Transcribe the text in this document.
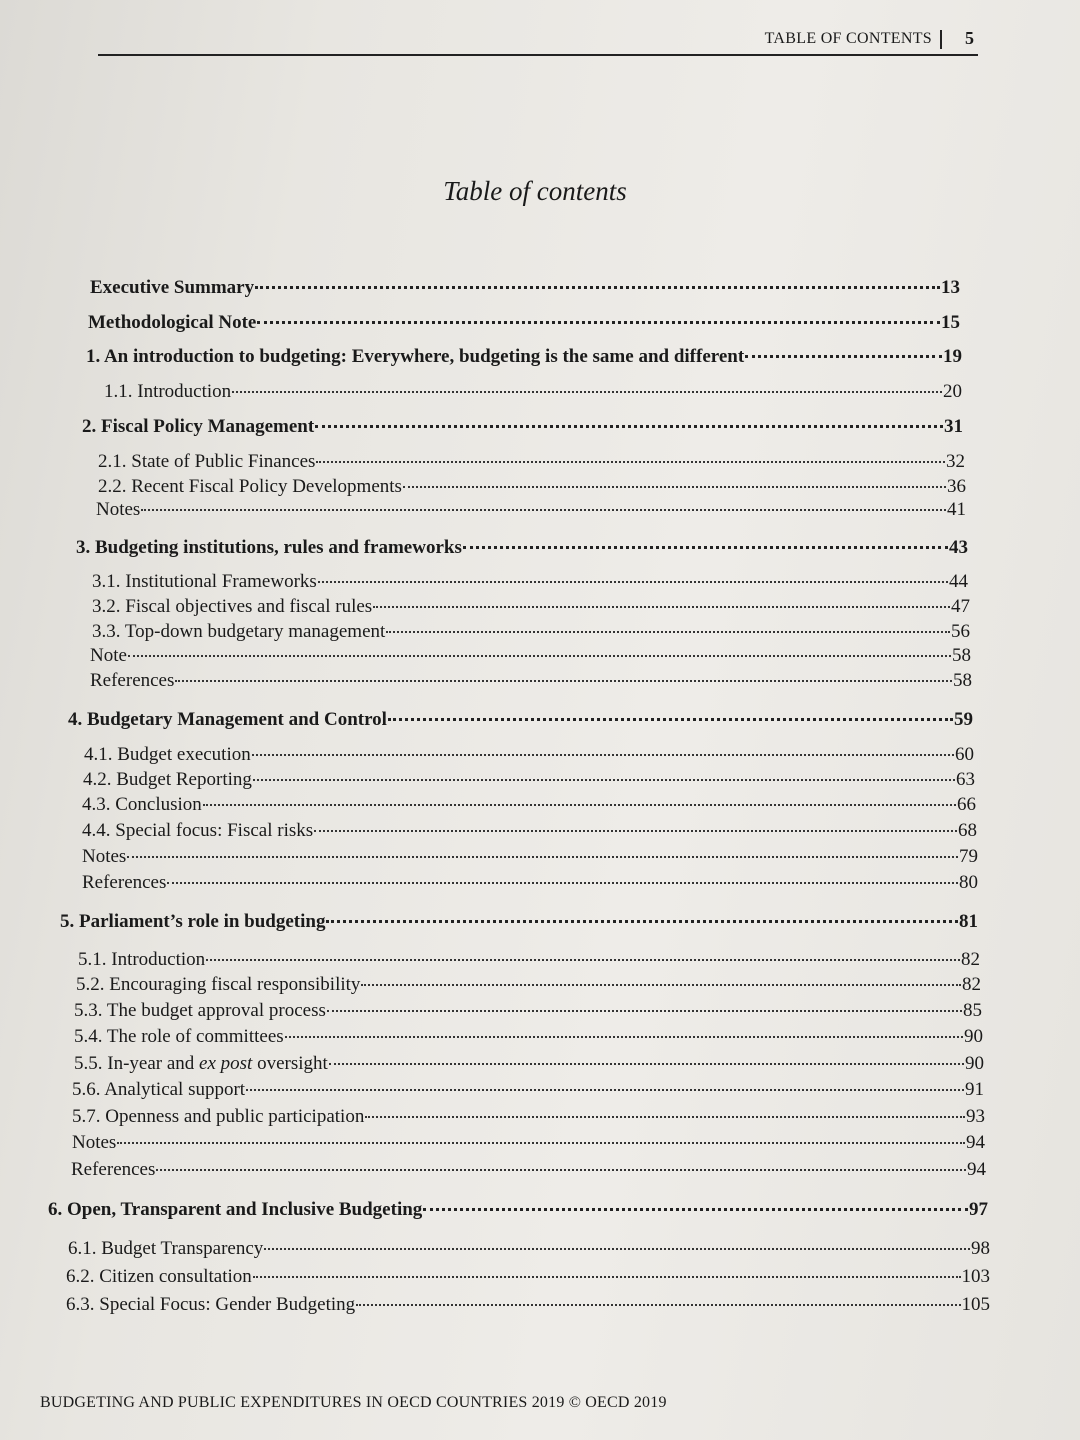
TABLE OF CONTENTS 5
Table of contents
Executive Summary	13
Methodological Note	15
1. An introduction to budgeting: Everywhere, budgeting is the same and different	19
1.1. Introduction	20
2. Fiscal Policy Management	31
2.1. State of Public Finances	32
2.2. Recent Fiscal Policy Developments	36
Notes	41
3. Budgeting institutions, rules and frameworks	43
3.1. Institutional Frameworks	44
3.2. Fiscal objectives and fiscal rules	47
3.3. Top-down budgetary management	56
Note	58
References	58
4. Budgetary Management and Control	59
4.1. Budget execution	60
4.2. Budget Reporting	63
4.3. Conclusion	66
4.4. Special focus: Fiscal risks	68
Notes	79
References	80
5. Parliament’s role in budgeting	81
5.1. Introduction	82
5.2. Encouraging fiscal responsibility	82
5.3. The budget approval process	85
5.4. The role of committees	90
5.5. In-year and ex post oversight	90
5.6. Analytical support	91
5.7. Openness and public participation	93
Notes	94
References	94
6. Open, Transparent and Inclusive Budgeting	97
6.1. Budget Transparency	98
6.2. Citizen consultation	103
6.3. Special Focus: Gender Budgeting	105
BUDGETING AND PUBLIC EXPENDITURES IN OECD COUNTRIES 2019 © OECD 2019
